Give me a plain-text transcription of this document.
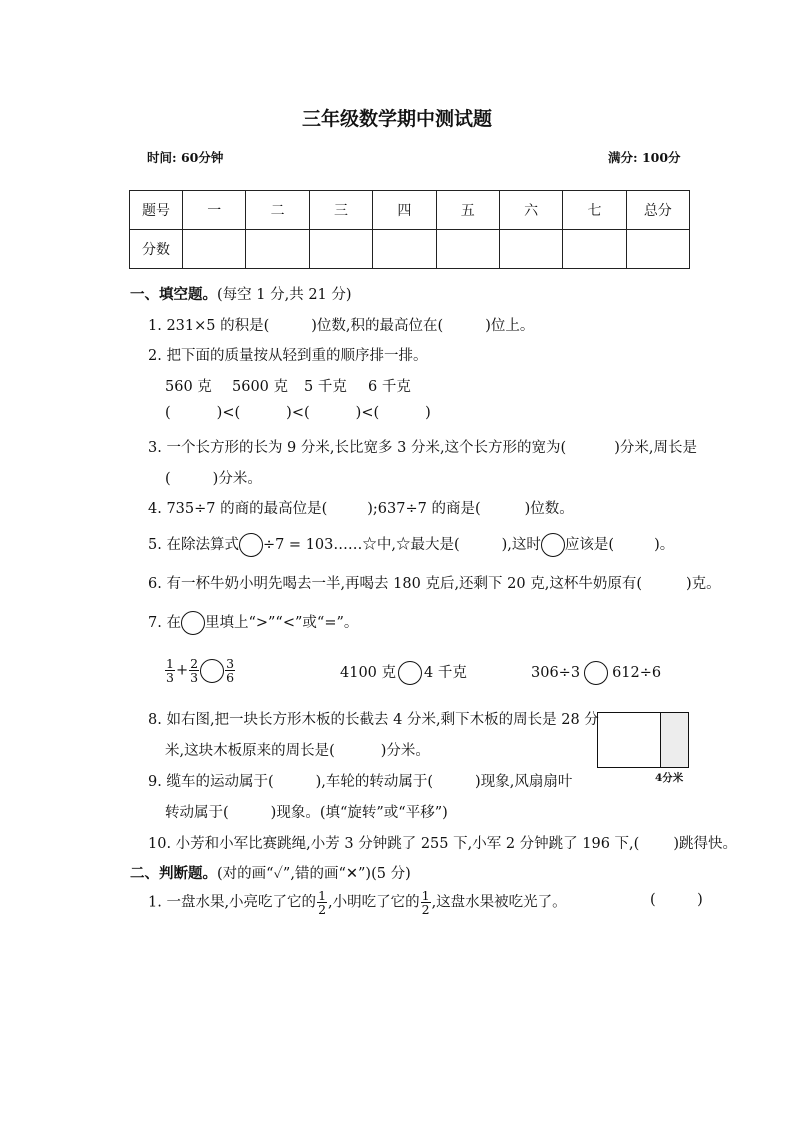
三年级数学期中测试题
时间: 60分钟	满分: 100分
题号	一	二	三	四	五	六	七	总分
分数								
一、填空题。(每空 1 分,共 21 分)
1. 231×5 的积是(	)位数,积的最高位在(	)位上。
2. 把下面的质量按从轻到重的顺序排一排。
560 克 5600 克 5 千克 6 千克
(	)<(	)<(	)<(	)
3. 一个长方形的长为 9 分米,长比宽多 3 分米,这个长方形的宽为(	)分米,周长是
(	)分米。
4. 735÷7 的商的最高位是(	);637÷7 的商是(	)位数。
5. 在除法算式 ÷7 = 103……☆中,☆最大是(	),这时 应该是(	)。
6. 有一杯牛奶小明先喝去一半,再喝去 180 克后,还剩下 20 克,这杯牛奶原有(	)克。
7. 在 里填上“>”“<”或“=”。
$\frac{1}{3} + \frac{2}{3} \frac{3}{6}$	4100 克 4 千克	306÷3 612÷6
8. 如右图,把一块长方形木板的长截去 4 分米,剩下木板的周长是 28 分
米,这块木板原来的周长是(	)分米。
4分米
9. 缆车的运动属于(	),车轮的转动属于(	)现象,风扇扇叶
转动属于(	)现象。(填“旋转”或“平移”)
10. 小芳和小军比赛跳绳,小芳 3 分钟跳了 255 下,小军 2 分钟跳了 196 下,( )跳得快。
二、判断题。(对的画“✓”,错的画“✕”)(5 分)
1. 一盘水果,小亮吃了它的 $\frac{1}{2}$ ,小明吃了它的 $\frac{1}{2}$ ,这盘水果被吃光了。	(         )
